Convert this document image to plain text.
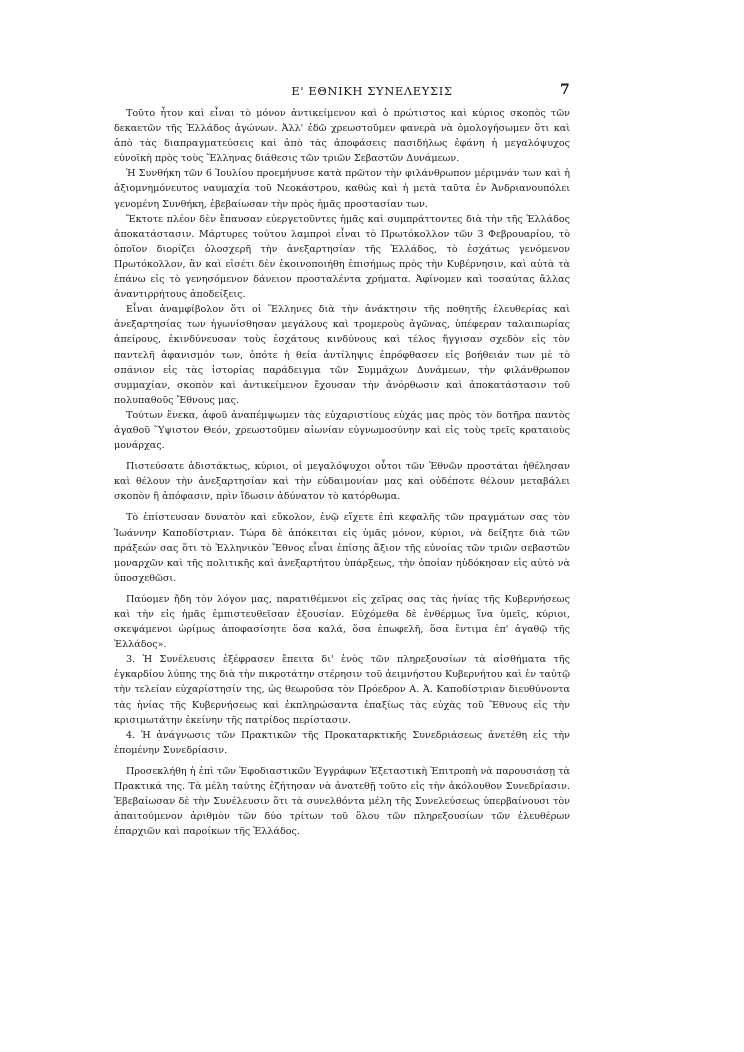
Ε' ΕΘΝΙΚΗ ΣΥΝΕΛΕΥΣΙΣ	7

Τοῦτο ἦτον καὶ εἶναι τὸ μόνον ἀντικείμενον καὶ ὁ πρώτιστος καὶ κύριος σκοπὸς τῶν δεκαετῶν τῆς Ἑλλάδος ἀγώνων. Ἀλλ' ἐδῶ χρεωστοῦμεν φανερὰ νὰ ὁμολογήσωμεν ὅτι καὶ ἀπὸ τὰς διαπραγματεύσεις καὶ ἀπὸ τὰς ἀποφάσεις πασιδήλως ἐφάνη ἡ μεγαλόψυχος εὐνοϊκὴ πρὸς τοὺς Ἕλληνας διάθεσις τῶν τριῶν Σεβαστῶν Δυνάμεων.

Ἡ Συνθήκη τῶν 6 Ἰουλίου προεμήνυσε κατὰ πρῶτον τὴν φιλάνθρωπον μέριμνάν των καὶ ἡ ἀξιομνημόνευτος ναυμαχία τοῦ Νεοκάστρου, καθὼς καὶ ἡ μετὰ ταῦτα ἐν Ἀνδριανουπόλει γενομένη Συνθήκη, ἐβεβαίωσαν τὴν πρὸς ἡμᾶς προστασίαν των.

Ἔκτοτε πλέον δὲν ἔπαυσαν εὐεργετοῦντες ἡμᾶς καὶ συμπράττοντες διὰ τὴν τῆς Ἑλλάδος ἀποκατάστασιν. Μάρτυρες τούτου λαμπροὶ εἶναι τὸ Πρωτόκολλον τῶν 3 Φεβρουαρίου, τὸ ὁποῖον διορίζει ὁλοσχερῆ τὴν ἀνεξαρτησίαν τῆς Ἑλλάδος, τὸ ἐσχάτως γενόμενον Πρωτόκολλον, ἂν καὶ εἰσέτι δὲν ἐκοινοποιήθη ἐπισήμως πρὸς τὴν Κυβέρνησιν, καὶ αὐτὰ τὰ ἐπάνω εἰς τὸ γενησόμενον δάνειον προσταλέντα χρήματα. Ἀφίνομεν καὶ τοσαύτας ἄλλας ἀναντιρρήτους ἀποδείξεις.

Εἶναι ἀναμφίβολον ὅτι οἱ Ἕλληνες διὰ τὴν ἀνάκτησιν τῆς ποθητῆς ἐλευθερίας καὶ ἀνεξαρτησίας των ἠγωνίσθησαν μεγάλους καὶ τρομεροὺς ἀγῶνας, ὑπέφεραν ταλαιπωρίας ἀπείρους, ἐκινδύνευσαν τοὺς ἐσχάτους κινδύνους καὶ τέλος ἤγγισαν σχεδὸν εἰς τὸν παντελῆ ἀφανισμόν των, ὁπότε ἡ θεία ἀντίληψις ἐπρόφθασεν εἰς βοήθειάν των μὲ τὸ σπάνιον εἰς τὰς ἱστορίας παράδειγμα τῶν Συμμάχων Δυνάμεων, τὴν φιλάνθρωπον συμμαχίαν, σκοπὸν καὶ ἀντικείμενον ἔχουσαν τὴν ἀνόρθωσιν καὶ ἀποκατάστασιν τοῦ πολυπαθοῦς Ἔθνους μας.

Τούτων ἕνεκα, ἀφοῦ ἀναπέμψωμεν τὰς εὐχαριστίους εὐχάς μας πρὸς τὸν δοτῆρα παντὸς ἀγαθοῦ Ὕψιστον Θεόν, χρεωστοῦμεν αἰωνίαν εὐγνωμοσύνην καὶ εἰς τοὺς τρεῖς κραταιοὺς μονάρχας.

Πιστεύσατε ἀδιστάκτως, κύριοι, οἱ μεγαλόψυχοι οὗτοι τῶν Ἐθνῶν προστάται ἠθέλησαν καὶ θέλουν τὴν ἀνεξαρτησίαν καὶ τὴν εὐδαιμονίαν μας καὶ οὐδέποτε θέλουν μεταβάλει σκοπὸν ἢ ἀπόφασιν, πρὶν ἴδωσιν ἀδύνατον τὸ κατόρθωμα.

Τὸ ἐπίστευσαν δυνατὸν καὶ εὔκολον, ἐνῷ εἴχετε ἐπὶ κεφαλῆς τῶν πραγμάτων σας τὸν Ἰωάννην Καποδίστριαν. Τώρα δὲ ἀπόκειται εἰς ὑμᾶς μόνον, κύριοι, νὰ δείξητε διὰ τῶν πράξεών σας ὅτι τὸ Ἑλληνικὸν Ἔθνος εἶναι ἐπίσης ἄξιον τῆς εὐνοίας τῶν τριῶν σεβαστῶν μοναρχῶν καὶ τῆς πολιτικῆς καὶ ἀνεξαρτήτου ὑπάρξεως, τὴν ὁποίαν ηὐδόκησαν εἰς αὐτὸ νὰ ὑποσχεθῶσι.

Παύομεν ἤδη τὸν λόγον μας, παρατιθέμενοι εἰς χεῖρας σας τὰς ἡνίας τῆς Κυβερνήσεως καὶ τὴν εἰς ἡμᾶς ἐμπιστευθεῖσαν ἐξουσίαν. Εὐχόμεθα δὲ ἐνθέρμως ἵνα ὑμεῖς, κύριοι, σκεψάμενοι ὡρίμως ἀποφασίσητε ὅσα καλά, ὅσα ἐπωφελῆ, ὅσα ἔντιμα ἐπ' ἀγαθῷ τῆς Ἑλλάδος».

3. Ἡ Συνέλευσις ἐξέφρασεν ἔπειτα δι' ἑνὸς τῶν πληρεξουσίων τὰ αἰσθήματα τῆς ἐγκαρδίου λύπης της διὰ τὴν πικροτάτην στέρησιν τοῦ ἀειμνήστου Κυβερνήτου καὶ ἐν ταὐτῷ τὴν τελείαν εὐχαρίστησίν της, ὡς θεωροῦσα τὸν Πρόεδρον Α. Ἀ. Καποδίστριαν διευθύνοντα τὰς ἡνίας τῆς Κυβερνήσεως καὶ ἐκπληρώσαντα ἐπαξίως τὰς εὐχὰς τοῦ Ἔθνους εἰς τὴν κρισιμωτάτην ἐκείνην τῆς πατρίδος περίστασιν.

4. Ἡ ἀνάγνωσις τῶν Πρακτικῶν τῆς Προκαταρκτικῆς Συνεδριάσεως ἀνετέθη εἰς τὴν ἑπομένην Συνεδρίασιν.

Προσεκλήθη ἡ ἐπὶ τῶν Ἐφοδιαστικῶν Ἐγγράφων Ἐξεταστικὴ Ἐπιτροπὴ νὰ παρουσιάσῃ τὰ Πρακτικά της. Τὰ μέλη ταύτης ἐζήτησαν νὰ ἀνατεθῇ τοῦτο εἰς τὴν ἀκόλουθον Συνεδρίασιν. Ἐβεβαίωσαν δὲ τὴν Συνέλευσιν ὅτι τὰ συνελθόντα μέλη τῆς Συνελεύσεως ὑπερβαίνουσι τὸν ἀπαιτούμενον ἀριθμὸν τῶν δύο τρίτων τοῦ ὅλου τῶν πληρεξουσίων τῶν ἐλευθέρων ἐπαρχιῶν καὶ παροίκων τῆς Ἑλλάδος.
